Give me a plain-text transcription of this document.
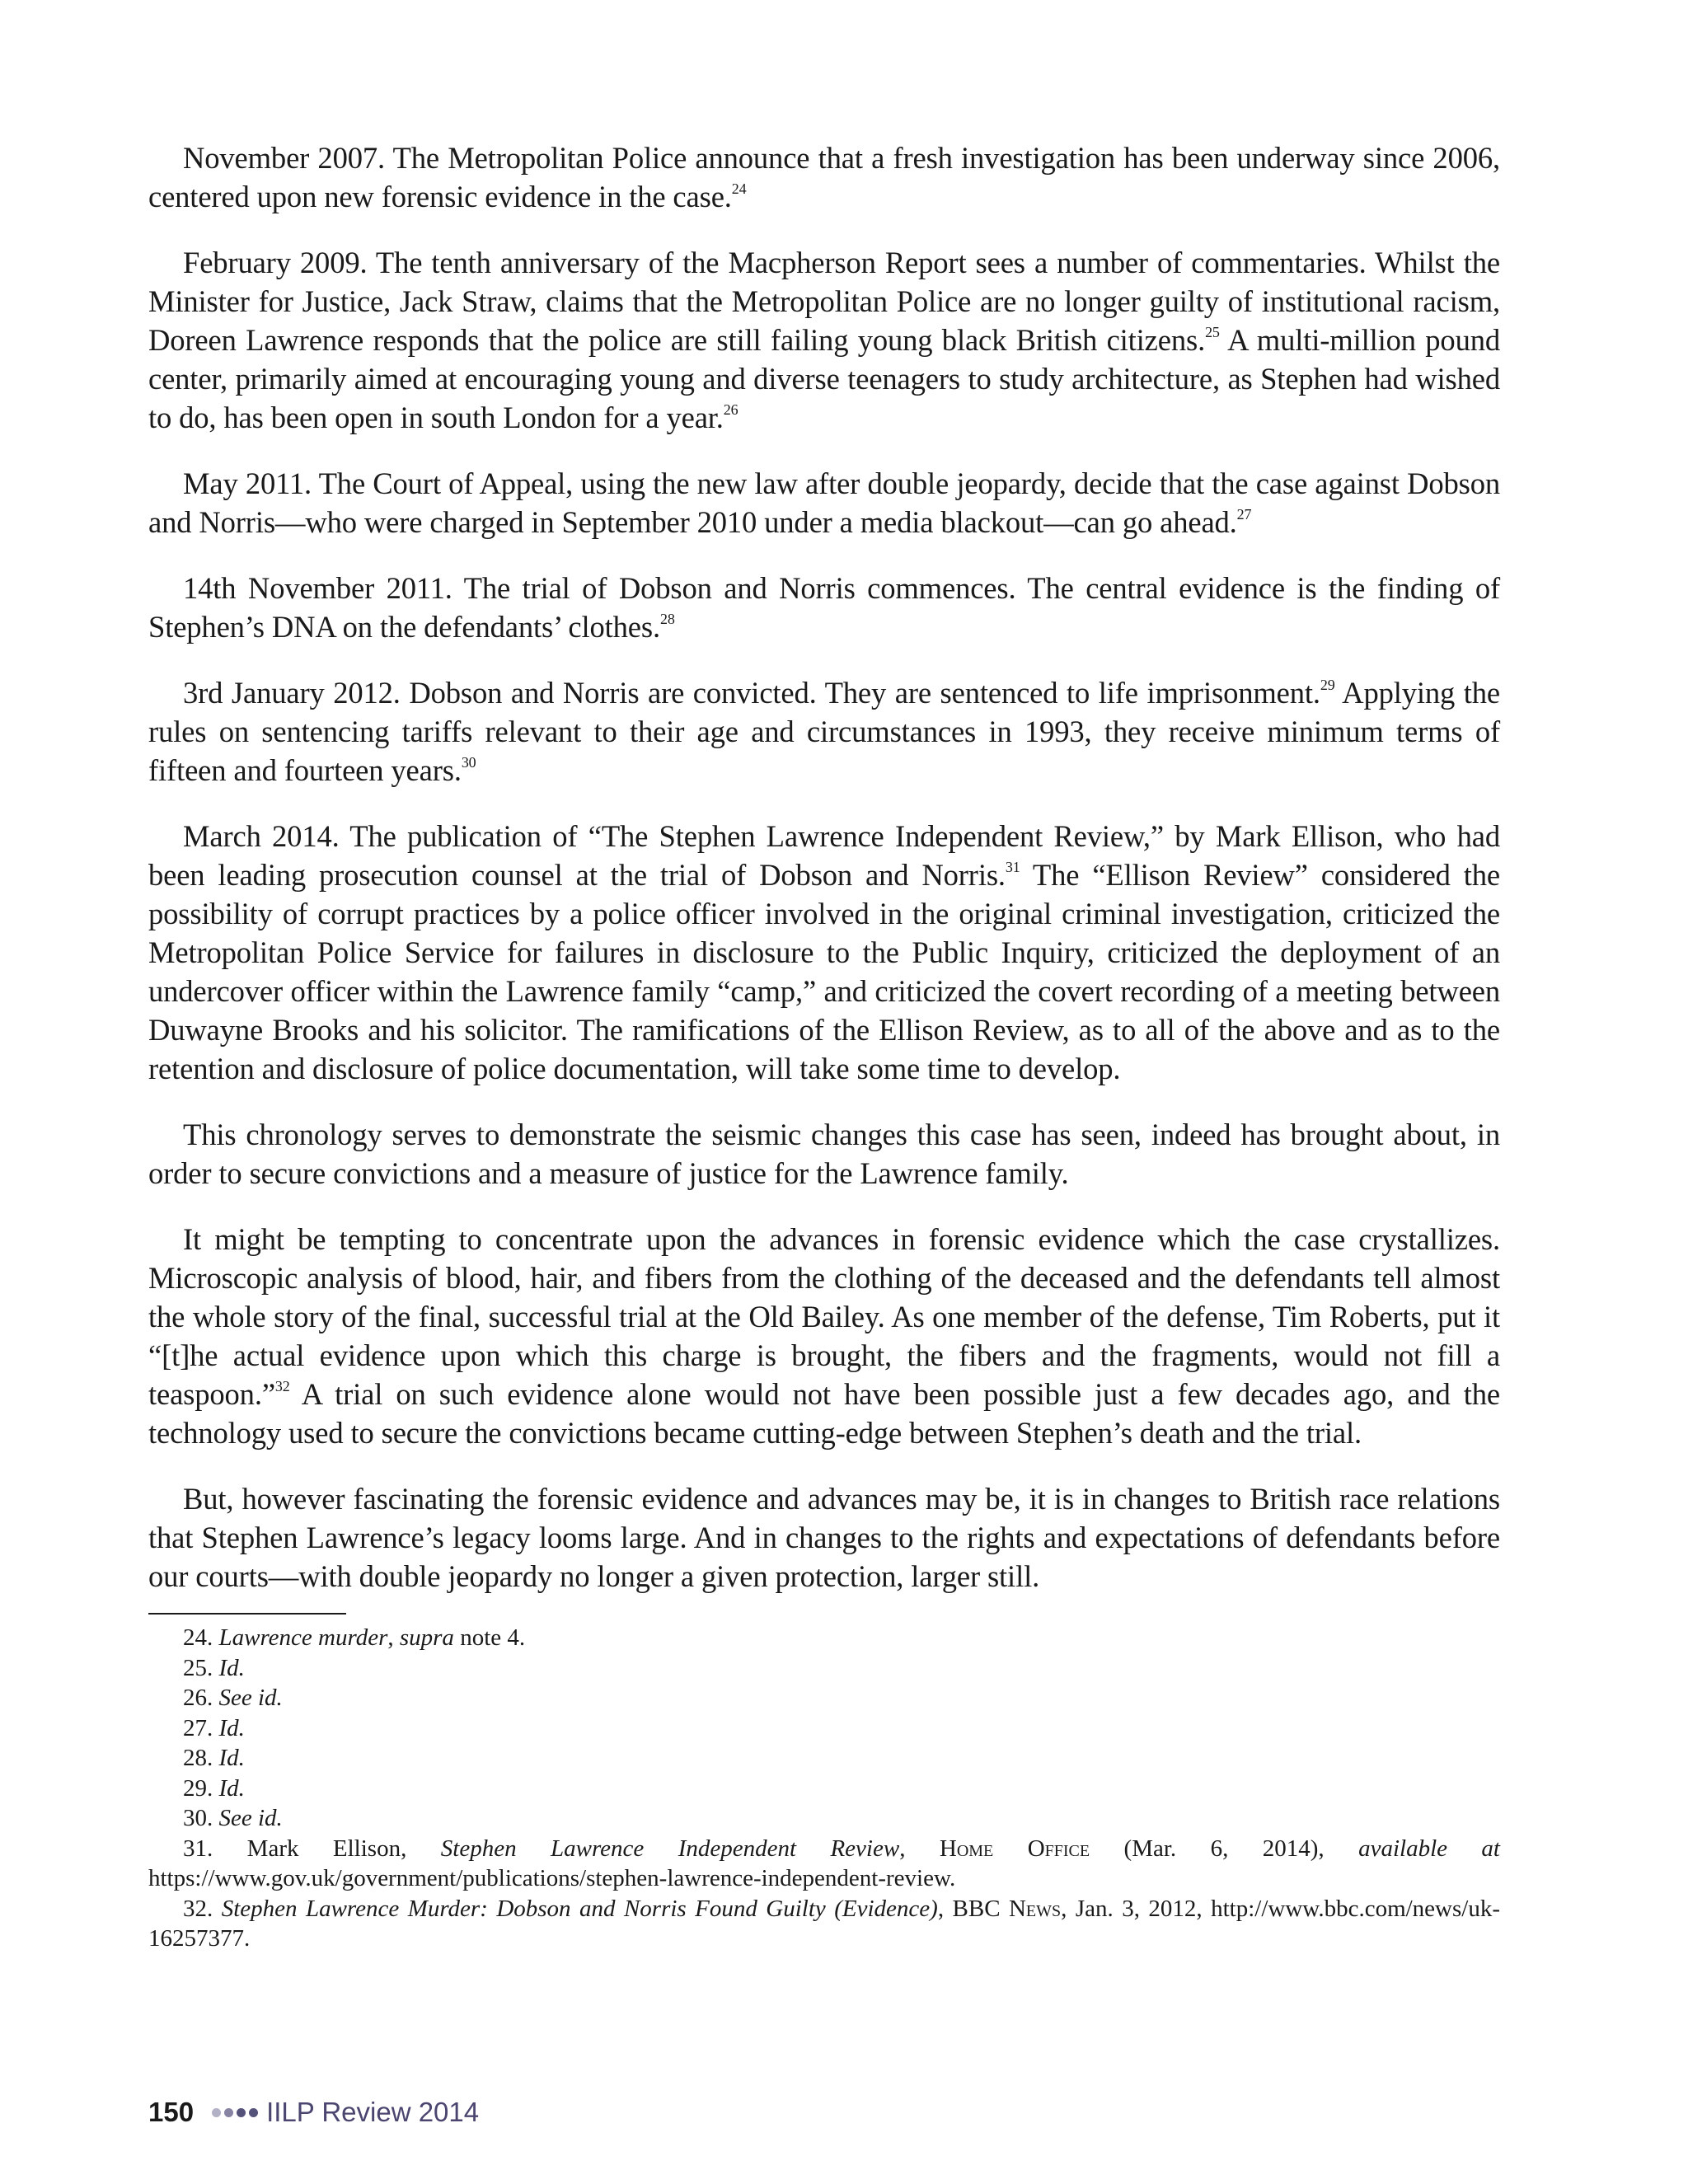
November 2007. The Metropolitan Police announce that a fresh investigation has been underway since 2006, centered upon new forensic evidence in the case.$^{24}$

February 2009. The tenth anniversary of the Macpherson Report sees a number of commentaries. Whilst the Minister for Justice, Jack Straw, claims that the Metropolitan Police are no longer guilty of institutional racism, Doreen Lawrence responds that the police are still failing young black British citizens.$^{25}$ A multi-million pound center, primarily aimed at encouraging young and diverse teenagers to study architecture, as Stephen had wished to do, has been open in south London for a year.$^{26}$

May 2011. The Court of Appeal, using the new law after double jeopardy, decide that the case against Dobson and Norris—who were charged in September 2010 under a media blackout—can go ahead.$^{27}$

14th November 2011. The trial of Dobson and Norris commences. The central evidence is the finding of Stephen’s DNA on the defendants’ clothes.$^{28}$

3rd January 2012. Dobson and Norris are convicted. They are sentenced to life imprisonment.$^{29}$ Applying the rules on sentencing tariffs relevant to their age and circumstances in 1993, they receive minimum terms of fifteen and fourteen years.$^{30}$

March 2014. The publication of “The Stephen Lawrence Independent Review,” by Mark Ellison, who had been leading prosecution counsel at the trial of Dobson and Norris.$^{31}$ The “Ellison Review” considered the possibility of corrupt practices by a police officer involved in the original criminal investigation, criticized the Metropolitan Police Service for failures in disclosure to the Public Inquiry, criticized the deployment of an undercover officer within the Lawrence family “camp,” and criticized the covert recording of a meeting between Duwayne Brooks and his solicitor. The ramifications of the Ellison Review, as to all of the above and as to the retention and disclosure of police documentation, will take some time to develop.

This chronology serves to demonstrate the seismic changes this case has seen, indeed has brought about, in order to secure convictions and a measure of justice for the Lawrence family.

It might be tempting to concentrate upon the advances in forensic evidence which the case crystallizes. Microscopic analysis of blood, hair, and fibers from the clothing of the deceased and the defendants tell almost the whole story of the final, successful trial at the Old Bailey. As one member of the defense, Tim Roberts, put it “[t]he actual evidence upon which this charge is brought, the fibers and the fragments, would not fill a teaspoon.”$^{32}$ A trial on such evidence alone would not have been possible just a few decades ago, and the technology used to secure the convictions became cutting-edge between Stephen’s death and the trial.

But, however fascinating the forensic evidence and advances may be, it is in changes to British race relations that Stephen Lawrence’s legacy looms large. And in changes to the rights and expectations of defendants before our courts—with double jeopardy no longer a given protection, larger still.

24. Lawrence murder, supra note 4.

25. Id.

26. See id.

27. Id.

28. Id.

29. Id.

30. See id.

31. Mark Ellison, Stephen Lawrence Independent Review, Home Office (Mar. 6, 2014), available at https://www.gov.uk/government/publications/stephen-lawrence-independent-review.

32. Stephen Lawrence Murder: Dobson and Norris Found Guilty (Evidence), BBC News, Jan. 3, 2012, http://www.bbc.com/news/uk-16257377.

150	IILP Review 2014
